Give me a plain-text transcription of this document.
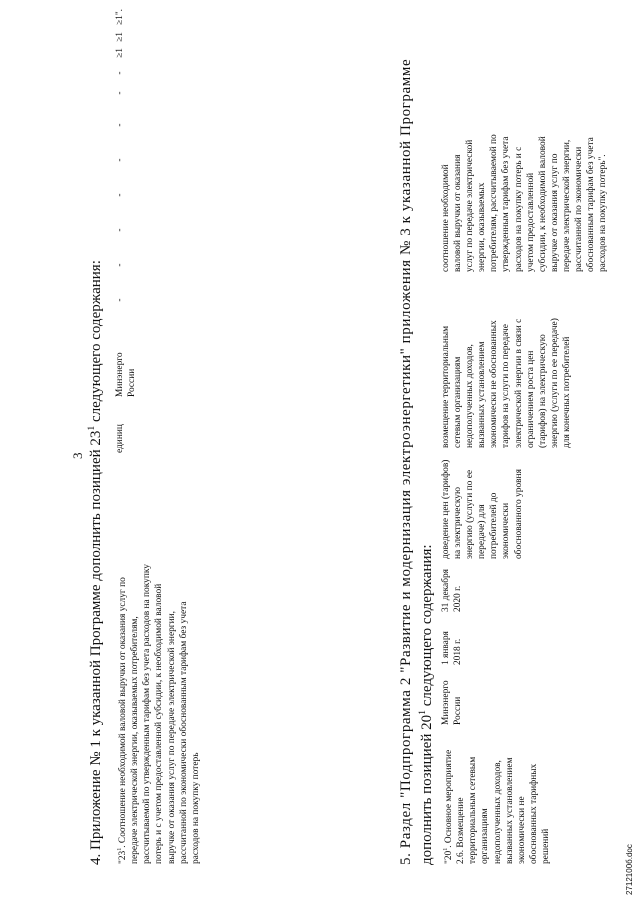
3 4. Приложение № 1 к указанной Программе дополнить позицией $23^1$ следующего содержания:
"$23^1$. Соотношение необходимой валовой выручки от оказания услуг по передаче электрической энергии, оказываемых потребителям, рассчитываемой по утвержденным тарифам без учета расходов на покупку потерь и с учетом предоставленной субсидии, к необходимой валовой выручке от оказания услуг по передаче электрической энергии, рассчитанной по экономически обоснованным тарифам без учета расходов на покупку потерь
единиц
Минэнерго России
-
-
-
-
-
-
-
-
≥1
≥1
≥1".
5. Раздел "Подпрограмма 2 "Развитие и модернизация электроэнергетики" приложения № 3 к указанной Программе дополнить позицией $20^1$ следующего содержания:
"$20^1$. Основное мероприятие 2.6. Возмещение территориальным сетевым организациям недополученных доходов, вызванных установлением экономически не обоснованных тарифных решений
Минэнерго России
1 января 2018 г.
31 декабря 2020 г.
доведение цен (тарифов) на электрическую энергию (услуги по ее передаче) для потребителей до экономически обоснованного уровня
возмещение территориальным сетевым организациям недополученных доходов, вызванных установлением экономически не обоснованных тарифов на услуги по передаче электрической энергии в связи с ограничением роста цен (тарифов) на электрическую энергию (услуги по ее передаче) для конечных потребителей
соотношение необходимой валовой выручки от оказания услуг по передаче электрической энергии, оказываемых потребителям, рассчитываемой по утвержденным тарифам без учета расходов на покупку потерь и с учетом предоставленной субсидии, к необходимой валовой выручке от оказания услуг по передаче электрической энергии, рассчитанной по экономически обоснованным тарифам без учета расходов на покупку потерь".
2712100б.doc
